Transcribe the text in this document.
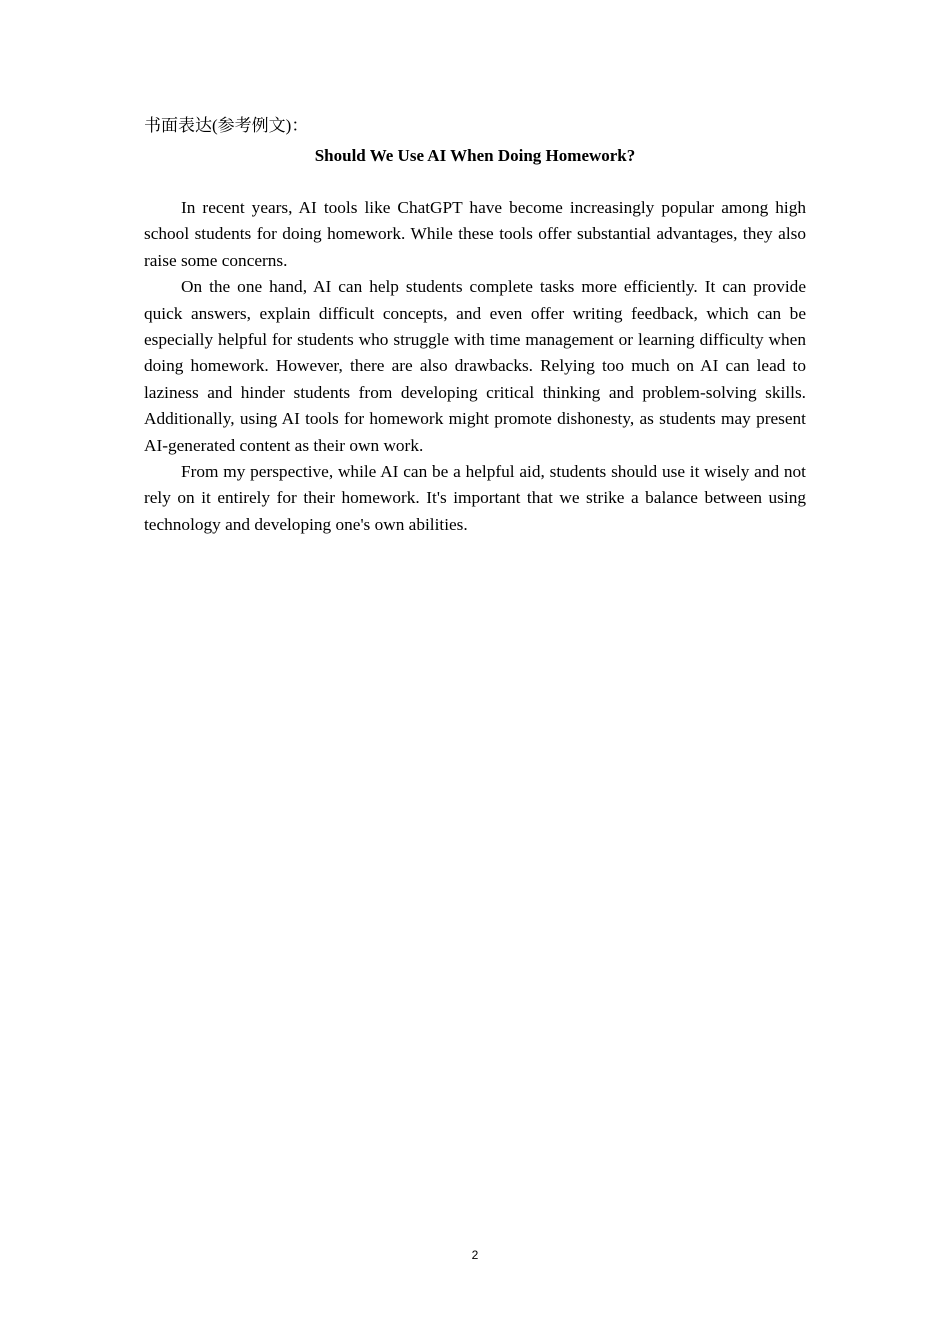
书面表达(参考例文)：
Should We Use AI When Doing Homework?

In recent years, AI tools like ChatGPT have become increasingly popular among high school students for doing homework. While these tools offer substantial advantages, they also raise some concerns.

On the one hand, AI can help students complete tasks more efficiently. It can provide quick answers, explain difficult concepts, and even offer writing feedback, which can be especially helpful for students who struggle with time management or learning difficulty when doing homework. However, there are also drawbacks. Relying too much on AI can lead to laziness and hinder students from developing critical thinking and problem-solving skills. Additionally, using AI tools for homework might promote dishonesty, as students may present AI-generated content as their own work.

From my perspective, while AI can be a helpful aid, students should use it wisely and not rely on it entirely for their homework. It's important that we strike a balance between using technology and developing one's own abilities.

2
